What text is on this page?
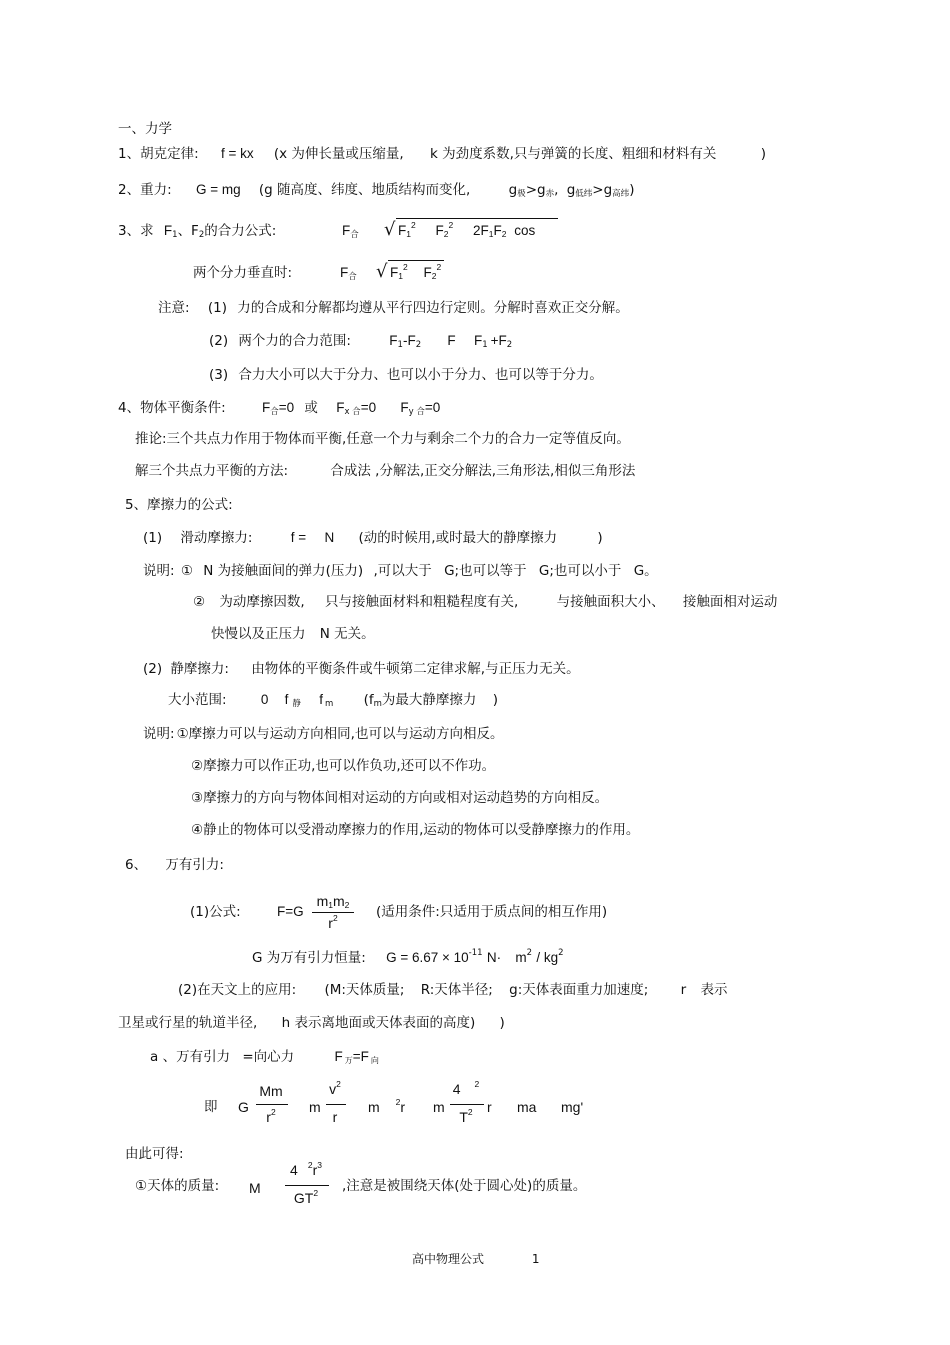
一、力学
1、胡克定律: f = kx (x 为伸长量或压缩量, k 为劲度系数,只与弹簧的长度、粗细和材料有关	)
2、重力: G = mg (g 随高度、纬度、地质结构而变化,	g极>g赤, g低纬>g高纬)
3、求 F1、F2的合力公式:	F合 √ $F1^2$ $F2^2$ 2F1F2 cos
两个分力垂直时:	F合 √ $F1^2$ $F2^2$
注意: (1) 力的合成和分解都均遵从平行四边行定则。分解时喜欢正交分解。
(2) 两个力的合力范围:	F1-F2 F F1 +F2
(3) 合力大小可以大于分力、也可以小于分力、也可以等于分力。
4、物体平衡条件:	F合=0 或 Fx 合=0 Fy 合=0
推论:三个共点力作用于物体而平衡,任意一个力与剩余二个力的合力一定等值反向。
解三个共点力平衡的方法:	合成法 ,分解法,正交分解法,三角形法,相似三角形法
5、摩擦力的公式:
(1) 滑动摩擦力:	f = N (动的时候用,或时最大的静摩擦力	)
说明: ① N 为接触面间的弹力(压力) ,可以大于 G;也可以等于 G;也可以小于 G。
② 为动摩擦因数, 只与接触面材料和粗糙程度有关,	与接触面积大小、 接触面相对运动
快慢以及正压力 N 无关。
(2) 静摩擦力: 由物体的平衡条件或牛顿第二定律求解,与正压力无关。
大小范围:	0 f 静 f m (fm为最大静摩擦力 )
说明: ①摩擦力可以与运动方向相同,也可以与运动方向相反。
②摩擦力可以作正功,也可以作负功,还可以不作功。
③摩擦力的方向与物体间相对运动的方向或相对运动趋势的方向相反。
④静止的物体可以受滑动摩擦力的作用,运动的物体可以受静摩擦力的作用。
6、 万有引力:
(1)公式:	F=G
m1m2
$r^2$	(适用条件:只适用于质点间的相互作用)
G 为万有引力恒量: $G = 6.67 \times 10^{-11}$ $N\cdot m^2 / kg^2$
(2)在天文上的应用: (M:天体质量; R:天体半径; g:天体表面重力加速度; r 表示
卫星或行星的轨道半径, h 表示离地面或天体表面的高度) )
a 、万有引力 =向心力	F 万=F 向
即 G
Mm
$r^2$	m
$v^2$
r
m $^2$r m
4 $^2$
$T^2$	r ma mg'
由此可得:
①天体的质量: M
4 $^2r^3$
$GT^2$	,注意是被围绕天体(处于圆心处)的质量。
高中物理公式	1
